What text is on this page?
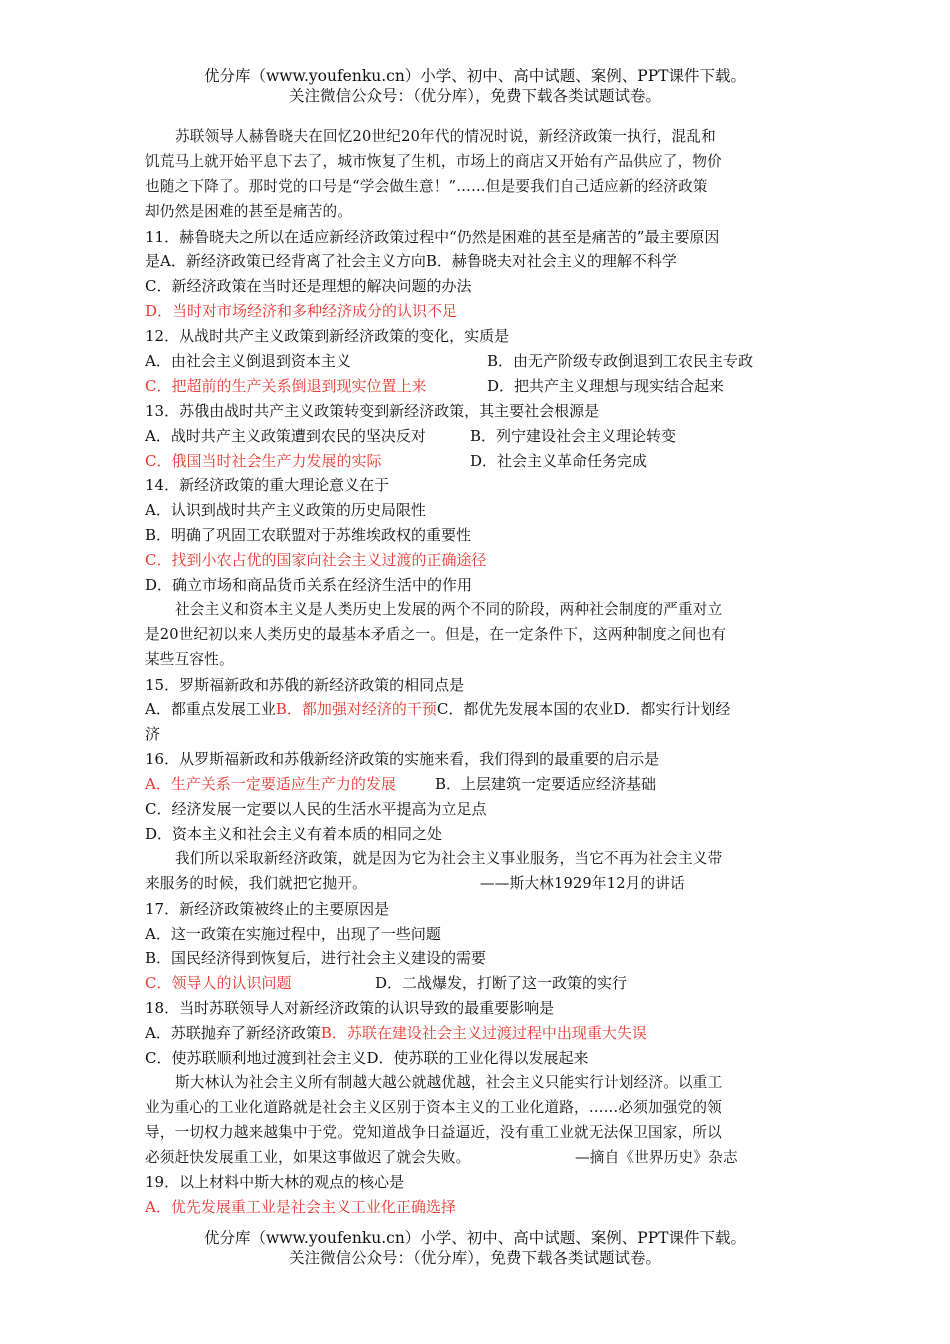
优分库（www.youfenku.cn）小学、初中、高中试题、案例、PPT课件下载。
关注微信公众号：（优分库），免费下载各类试题试卷。
苏联领导人赫鲁晓夫在回忆20世纪20年代的情况时说，新经济政策一执行，混乱和
饥荒马上就开始平息下去了，城市恢复了生机，市场上的商店又开始有产品供应了，物价
也随之下降了。那时党的口号是“学会做生意！”……但是要我们自己适应新的经济政策
却仍然是困难的甚至是痛苦的。
11．赫鲁晓夫之所以在适应新经济政策过程中“仍然是困难的甚至是痛苦的”最主要原因
是A．新经济政策已经背离了社会主义方向B．赫鲁晓夫对社会主义的理解不科学
C．新经济政策在当时还是理想的解决问题的办法
D．当时对市场经济和多种经济成分的认识不足
12．从战时共产主义政策到新经济政策的变化，实质是
A．由社会主义倒退到资本主义	B．由无产阶级专政倒退到工农民主专政
C．把超前的生产关系倒退到现实位置上来	D．把共产主义理想与现实结合起来
13．苏俄由战时共产主义政策转变到新经济政策，其主要社会根源是
A．战时共产主义政策遭到农民的坚决反对	B．列宁建设社会主义理论转变
C．俄国当时社会生产力发展的实际	D．社会主义革命任务完成
14．新经济政策的重大理论意义在于
A．认识到战时共产主义政策的历史局限性
B．明确了巩固工农联盟对于苏维埃政权的重要性
C．找到小农占优的国家向社会主义过渡的正确途径
D．确立市场和商品货币关系在经济生活中的作用
社会主义和资本主义是人类历史上发展的两个不同的阶段，两种社会制度的严重对立
是20世纪初以来人类历史的最基本矛盾之一。但是，在一定条件下，这两种制度之间也有
某些互容性。
15．罗斯福新政和苏俄的新经济政策的相同点是
A．都重点发展工业B．都加强对经济的干预C．都优先发展本国的农业D．都实行计划经
济
16．从罗斯福新政和苏俄新经济政策的实施来看，我们得到的最重要的启示是
A．生产关系一定要适应生产力的发展	B．上层建筑一定要适应经济基础
C．经济发展一定要以人民的生活水平提高为立足点
D．资本主义和社会主义有着本质的相同之处
我们所以采取新经济政策，就是因为它为社会主义事业服务，当它不再为社会主义带
来服务的时候，我们就把它抛开。	——斯大林1929年12月的讲话
17．新经济政策被终止的主要原因是
A．这一政策在实施过程中，出现了一些问题
B．国民经济得到恢复后，进行社会主义建设的需要
C．领导人的认识问题	D．二战爆发，打断了这一政策的实行
18．当时苏联领导人对新经济政策的认识导致的最重要影响是
A．苏联抛弃了新经济政策B．苏联在建设社会主义过渡过程中出现重大失误
C．使苏联顺利地过渡到社会主义D．使苏联的工业化得以发展起来
斯大林认为社会主义所有制越大越公就越优越，社会主义只能实行计划经济。以重工
业为重心的工业化道路就是社会主义区别于资本主义的工业化道路，……必须加强党的领
导，一切权力越来越集中于党。党知道战争日益逼近，没有重工业就无法保卫国家，所以
必须赶快发展重工业，如果这事做迟了就会失败。	—摘自《世界历史》杂志
19．以上材料中斯大林的观点的核心是
A．优先发展重工业是社会主义工业化正确选择
优分库（www.youfenku.cn）小学、初中、高中试题、案例、PPT课件下载。
关注微信公众号：（优分库），免费下载各类试题试卷。
